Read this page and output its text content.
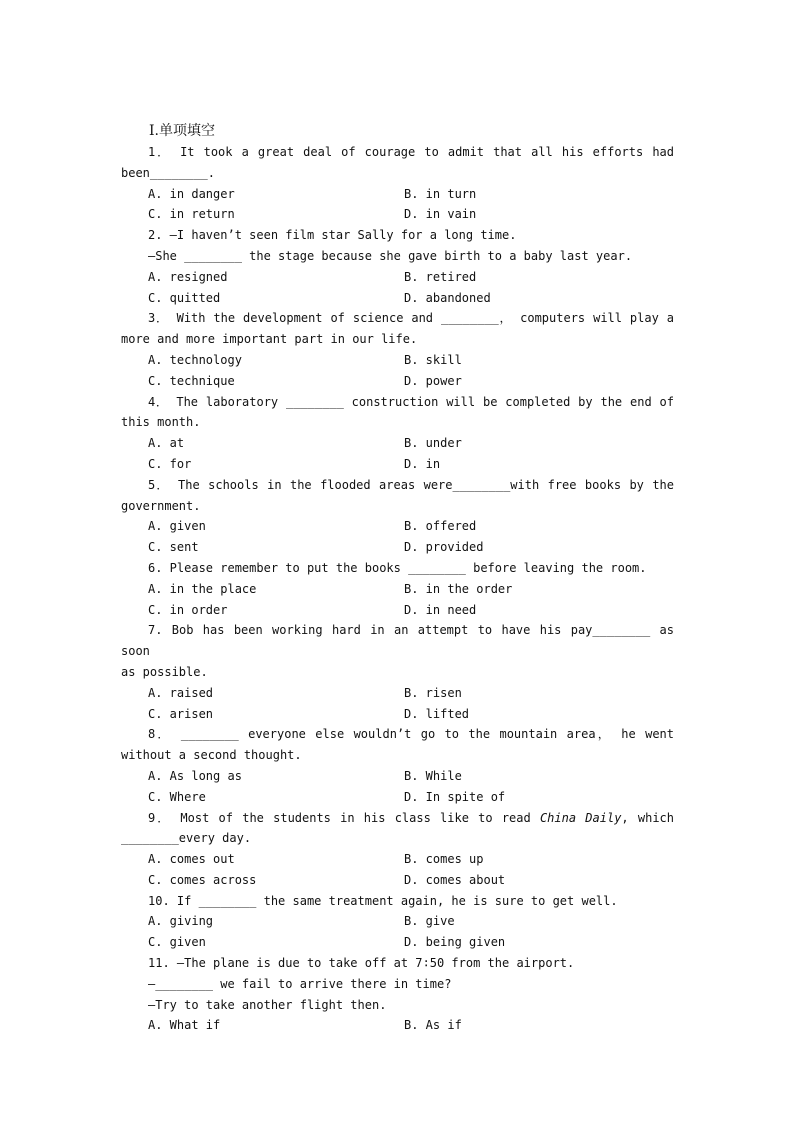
Ⅰ.单项填空

1． It took a great deal of courage to admit that all his efforts had

been________.

A. in danger	B. in turn
C. in return	D. in vain

2. —I haven’t seen film star Sally for a long time.

—She ________ the stage because she gave birth to a baby last year.

A. resigned	B. retired
C. quitted	D. abandoned

3． With the development of science and ________， computers will play a

more and more important part in our life.

A. technology	B. skill
C. technique	D. power

4． The laboratory ________ construction will be completed by the end of

this month.

A. at	B. under
C. for	D. in

5． The schools in the flooded areas were________with free books by the

government.

A. given	B. offered
C. sent	D. provided

6. Please remember to put the books ________ before leaving the room.

A. in the place	B. in the order
C. in order	D. in need

7. Bob has been working hard in an attempt to have his pay________ as soon

as possible.

A. raised	B. risen
C. arisen	D. lifted

8． ________ everyone else wouldn’t go to the mountain area， he went

without a second thought.

A. As long as	B. While
C. Where	D. In spite of

9． Most of the students in his class like to read China Daily, which

________every day.

A. comes out	B. comes up
C. comes across	D. comes about

10. If ________ the same treatment again, he is sure to get well.

A. giving	B. give
C. given	D. being given

11. —The plane is due to take off at 7∶50 from the airport.

—________ we fail to arrive there in time?

—Try to take another flight then.

A. What if	B. As if
